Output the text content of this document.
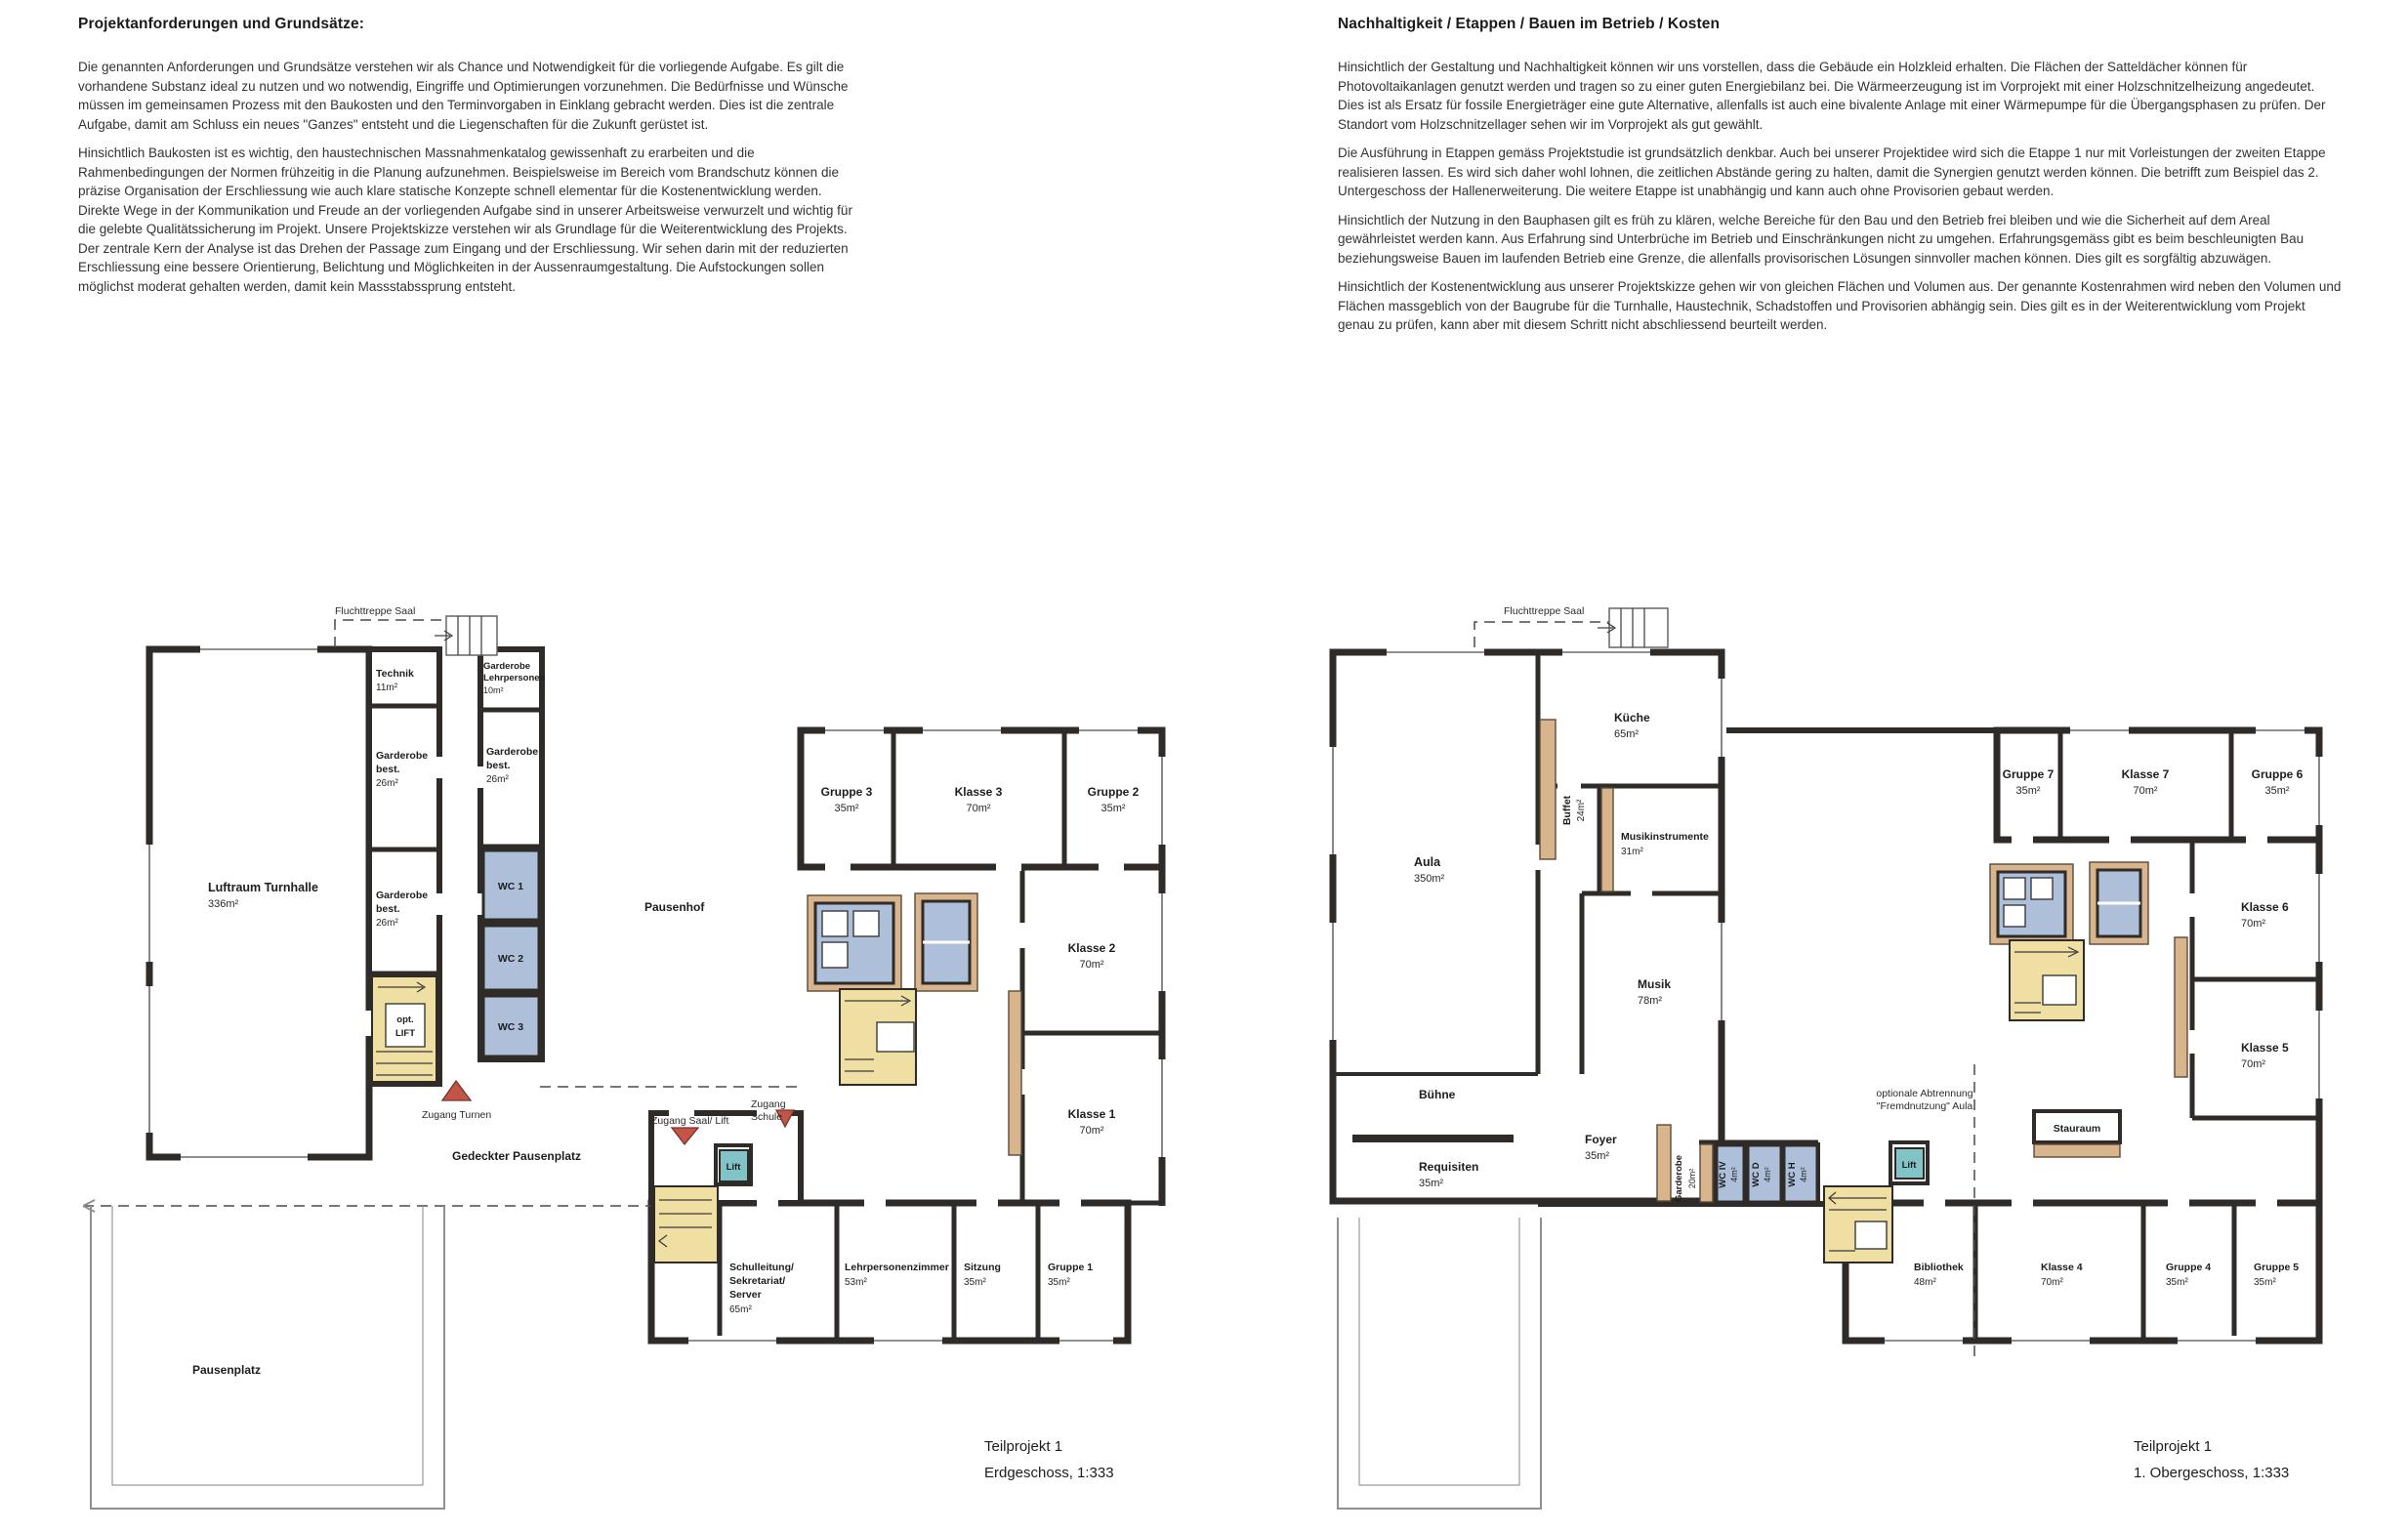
Projektanforderungen und Grundsätze:

Die genannten Anforderungen und Grundsätze verstehen wir als Chance und Notwendigkeit für die vorliegende Aufgabe. Es gilt die vorhandene Substanz ideal zu nutzen und wo notwendig, Eingriffe und Optimierungen vorzunehmen. Die Bedürfnisse und Wünsche müssen im gemeinsamen Prozess mit den Baukosten und den Terminvorgaben in Einklang gebracht werden. Dies ist die zentrale Aufgabe, damit am Schluss ein neues "Ganzes" entsteht und die Liegenschaften für die Zukunft gerüstet ist.

Hinsichtlich Baukosten ist es wichtig, den haustechnischen Massnahmenkatalog gewissenhaft zu erarbeiten und die Rahmenbedingungen der Normen frühzeitig in die Planung aufzunehmen. Beispielsweise im Bereich vom Brandschutz können die präzise Organisation der Erschliessung wie auch klare statische Konzepte schnell elementar für die Kostenentwicklung werden. Direkte Wege in der Kommunikation und Freude an der vorliegenden Aufgabe sind in unserer Arbeitsweise verwurzelt und wichtig für die gelebte Qualitätssicherung im Projekt. Unsere Projektskizze verstehen wir als Grundlage für die Weiterentwicklung des Projekts. Der zentrale Kern der Analyse ist das Drehen der Passage zum Eingang und der Erschliessung. Wir sehen darin mit der reduzierten Erschliessung eine bessere Orientierung, Belichtung und Möglichkeiten in der Aussenraumgestaltung. Die Aufstockungen sollen möglichst moderat gehalten werden, damit kein Massstabssprung entsteht.

Nachhaltigkeit / Etappen / Bauen im Betrieb / Kosten

Hinsichtlich der Gestaltung und Nachhaltigkeit können wir uns vorstellen, dass die Gebäude ein Holzkleid erhalten. Die Flächen der Satteldächer können für Photovoltaikanlagen genutzt werden und tragen so zu einer guten Energiebilanz bei. Die Wärmeerzeugung ist im Vorprojekt mit einer Holzschnitzelheizung angedeutet. Dies ist als Ersatz für fossile Energieträger eine gute Alternative, allenfalls ist auch eine bivalente Anlage mit einer Wärmepumpe für die Übergangsphasen zu prüfen. Der Standort vom Holzschnitzellager sehen wir im Vorprojekt als gut gewählt.

Die Ausführung in Etappen gemäss Projektstudie ist grundsätzlich denkbar. Auch bei unserer Projektidee wird sich die Etappe 1 nur mit Vorleistungen der zweiten Etappe realisieren lassen. Es wird sich daher wohl lohnen, die zeitlichen Abstände gering zu halten, damit die Synergien genutzt werden können. Die betrifft zum Beispiel das 2. Untergeschoss der Hallenerweiterung. Die weitere Etappe ist unabhängig und kann auch ohne Provisorien gebaut werden.

Hinsichtlich der Nutzung in den Bauphasen gilt es früh zu klären, welche Bereiche für den Bau und den Betrieb frei bleiben und wie die Sicherheit auf dem Areal gewährleistet werden kann. Aus Erfahrung sind Unterbrüche im Betrieb und Einschränkungen nicht zu umgehen. Erfahrungsgemäss gibt es beim beschleunigten Bau beziehungsweise Bauen im laufenden Betrieb eine Grenze, die allenfalls provisorischen Lösungen sinnvoller machen können. Dies gilt es sorgfältig abzuwägen.

Hinsichtlich der Kostenentwicklung aus unserer Projektskizze gehen wir von gleichen Flächen und Volumen aus. Der genannte Kostenrahmen wird neben den Volumen und Flächen massgeblich von der Baugrube für die Turnhalle, Haustechnik, Schadstoffen und Provisorien abhängig sein. Dies gilt es in der Weiterentwicklung vom Projekt genau zu prüfen, kann aber mit diesem Schritt nicht abschliessend beurteilt werden.

Fluchttreppe Saal
Luftraum Turnhalle
336m²
Technik
11m²
Garderobe
best.
26m²
Garderobe
best.
26m²
Garderobe
Lehrpersonen
10m²
Garderobe
best.
26m²
WC 1
WC 2
WC 3
opt.
LIFT
Pausenhof
Gruppe 3
35m²
Klasse 3
70m²
Gruppe 2
35m²
Klasse 2
70m²
Klasse 1
70m²
Schulleitung/
Sekretariat/
Server
65m²
Lehrpersonenzimmer
53m²
Sitzung
35m²
Gruppe 1
35m²
Lift
Zugang Turnen	Zugang Saal/ Lift
Zugang
Schule
Gedeckter Pausenplatz
Pausenplatz
Fluchttreppe Saal
Aula
350m²
Küche
65m²
Buffet 24m²
Musikinstrumente
31m²
Musik
78m²
Bühne
Requisiten
35m²
Foyer
35m²	Garderobe 20m² WC IV 4m² WC D 4m² WC H 4m²
Lift
optionale Abtrennung
"Fremdnutzung" Aula
Stauraum
Gruppe 7
35m²
Klasse 7
70m²
Gruppe 6
35m²
Klasse 6
70m²
Klasse 5
70m²
Bibliothek
48m²
Klasse 4
70m²
Gruppe 4
35m²
Gruppe 5
35m²
Teilprojekt 1
Erdgeschoss, 1:333
Teilprojekt 1
1. Obergeschoss, 1:333
